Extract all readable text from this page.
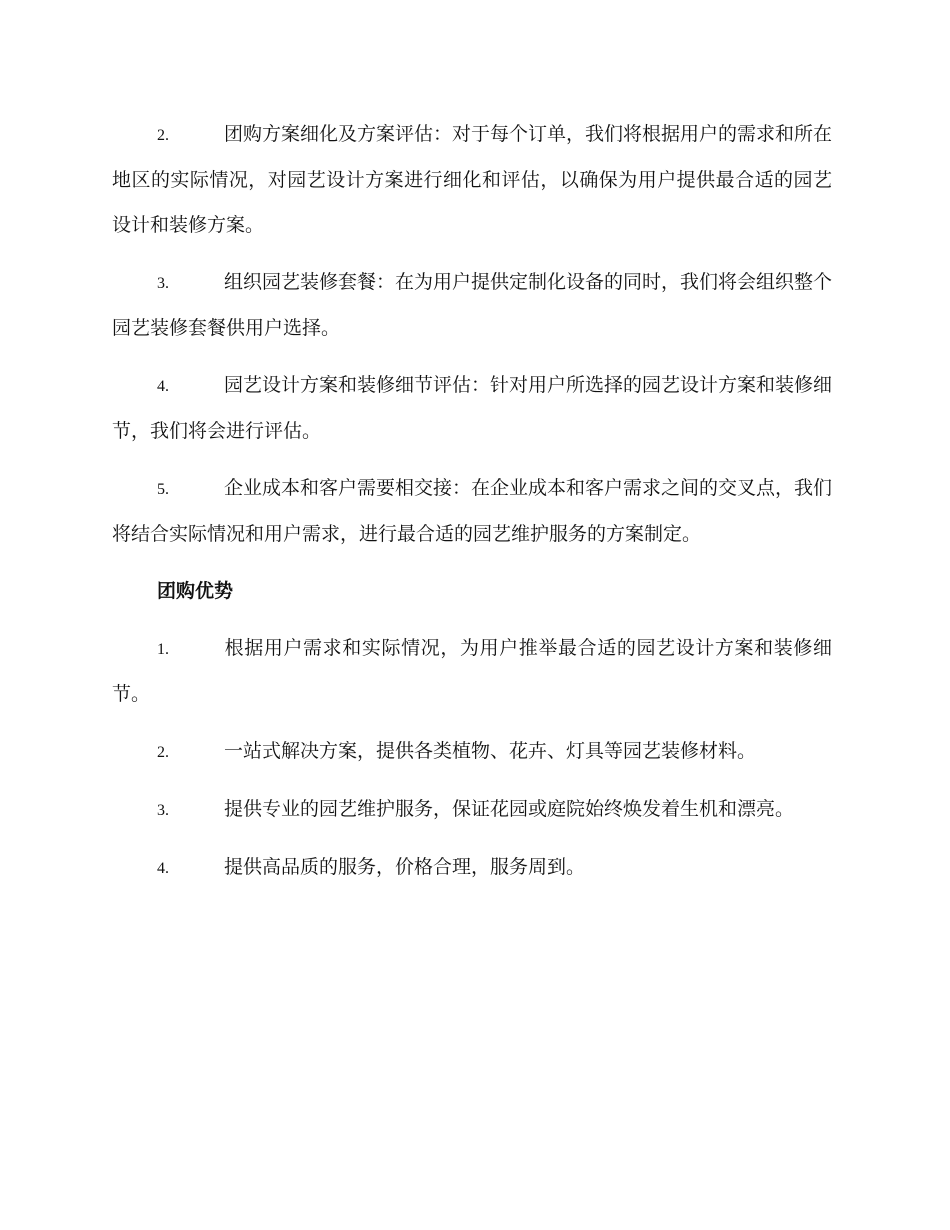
2.	团购方案细化及方案评估：对于每个订单，我们将根据用户的需求和所在地区的实际情况，对园艺设计方案进行细化和评估，以确保为用户提供最合适的园艺设计和装修方案。
3.	组织园艺装修套餐：在为用户提供定制化设备的同时，我们将会组织整个园艺装修套餐供用户选择。
4.	园艺设计方案和装修细节评估：针对用户所选择的园艺设计方案和装修细节，我们将会进行评估。
5.	企业成本和客户需要相交接：在企业成本和客户需求之间的交叉点，我们将结合实际情况和用户需求，进行最合适的园艺维护服务的方案制定。
团购优势
1.	根据用户需求和实际情况，为用户推举最合适的园艺设计方案和装修细节。
2.	一站式解决方案，提供各类植物、花卉、灯具等园艺装修材料。
3.	提供专业的园艺维护服务，保证花园或庭院始终焕发着生机和漂亮。
4.	提供高品质的服务，价格合理，服务周到。
